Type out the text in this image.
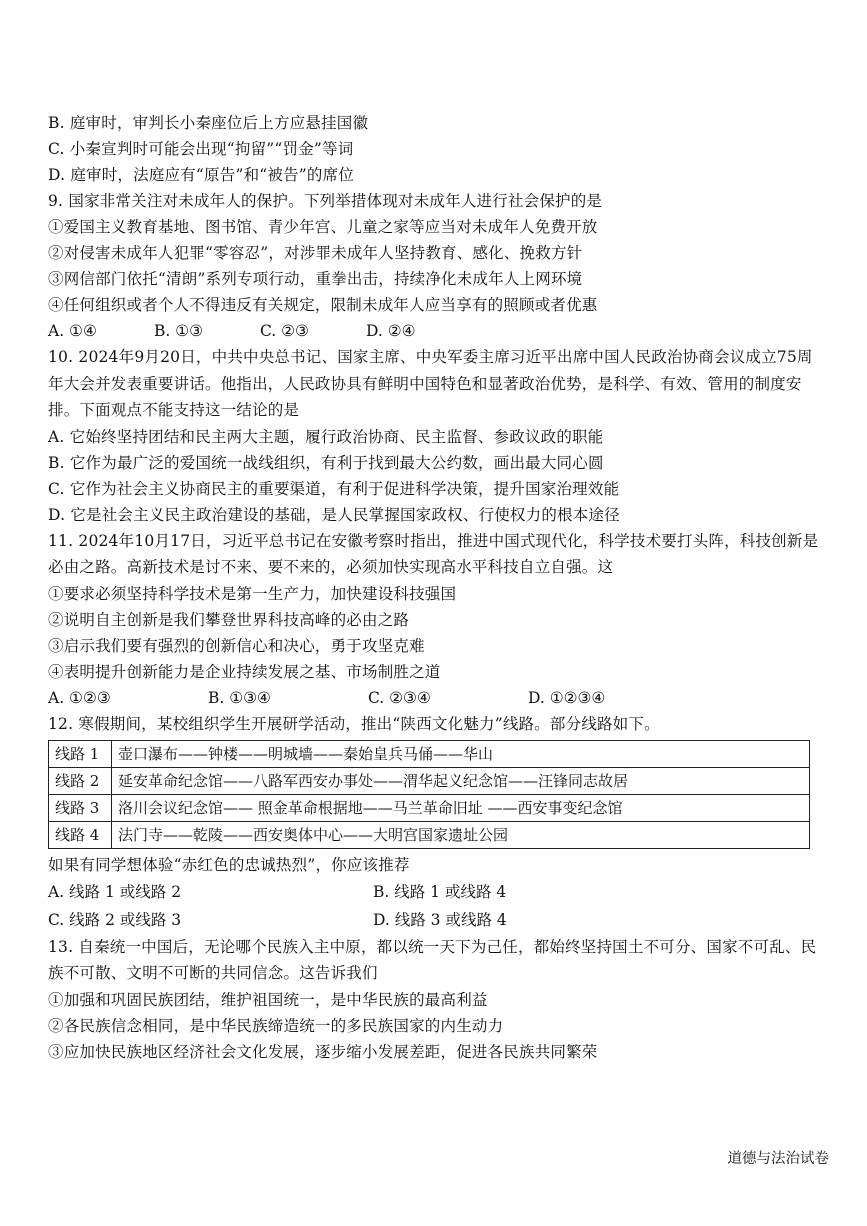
B. 庭审时，审判长小秦座位后上方应悬挂国徽
C. 小秦宣判时可能会出现“拘留”“罚金”等词
D. 庭审时，法庭应有“原告”和“被告”的席位
9. 国家非常关注对未成年人的保护。下列举措体现对未成年人进行社会保护的是
①爱国主义教育基地、图书馆、青少年宫、儿童之家等应当对未成年人免费开放
②对侵害未成年人犯罪“零容忍”，对涉罪未成年人坚持教育、感化、挽救方针
③网信部门依托“清朗”系列专项行动，重拳出击，持续净化未成年人上网环境
④任何组织或者个人不得违反有关规定，限制未成年人应当享有的照顾或者优惠
A. ①④	B. ①③	C. ②③	D. ②④
10. 2024年9月20日，中共中央总书记、国家主席、中央军委主席习近平出席中国人民政治协商会议成立75周年大会并发表重要讲话。他指出，人民政协具有鲜明中国特色和显著政治优势，是科学、有效、管用的制度安排。下面观点不能支持这一结论的是
A. 它始终坚持团结和民主两大主题，履行政治协商、民主监督、参政议政的职能
B. 它作为最广泛的爱国统一战线组织，有利于找到最大公约数，画出最大同心圆
C. 它作为社会主义协商民主的重要渠道，有利于促进科学决策，提升国家治理效能
D. 它是社会主义民主政治建设的基础，是人民掌握国家政权、行使权力的根本途径
11. 2024年10月17日，习近平总书记在安徽考察时指出，推进中国式现代化，科学技术要打头阵，科技创新是必由之路。高新技术是讨不来、要不来的，必须加快实现高水平科技自立自强。这
①要求必须坚持科学技术是第一生产力，加快建设科技强国
②说明自主创新是我们攀登世界科技高峰的必由之路
③启示我们要有强烈的创新信心和决心，勇于攻坚克难
④表明提升创新能力是企业持续发展之基、市场制胜之道
A. ①②③	B. ①③④	C. ②③④	D. ①②③④
12. 寒假期间，某校组织学生开展研学活动，推出“陕西文化魅力”线路。部分线路如下。
线路 1	壶口瀑布——钟楼——明城墙——秦始皇兵马俑——华山
线路 2	延安革命纪念馆——八路军西安办事处——渭华起义纪念馆——汪锋同志故居
线路 3	洛川会议纪念馆—— 照金革命根据地——马兰革命旧址 ——西安事变纪念馆
线路 4	法门寺——乾陵——西安奥体中心——大明宫国家遗址公园
如果有同学想体验“赤红色的忠诚热烈”，你应该推荐
A. 线路 1 或线路 2	B. 线路 1 或线路 4
C. 线路 2 或线路 3	D. 线路 3 或线路 4
13. 自秦统一中国后，无论哪个民族入主中原，都以统一天下为己任，都始终坚持国土不可分、国家不可乱、民族不可散、文明不可断的共同信念。这告诉我们
①加强和巩固民族团结，维护祖国统一，是中华民族的最高利益
②各民族信念相同，是中华民族缔造统一的多民族国家的内生动力
③应加快民族地区经济社会文化发展，逐步缩小发展差距，促进各民族共同繁荣
道德与法治试卷
